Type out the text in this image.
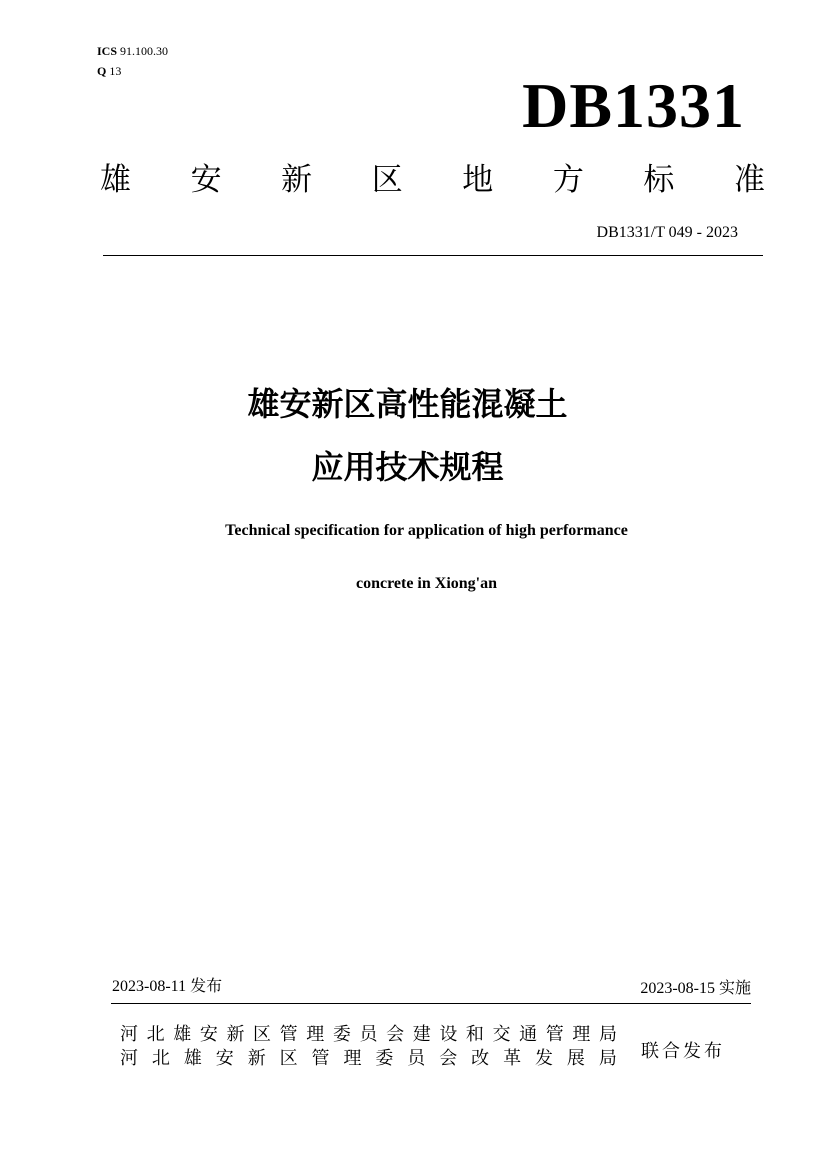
ICS 91.100.30
Q 13	DB1331
雄 安 新 区 地 方 标 准
DB1331/T 049 - 2023
雄安新区高性能混凝土
应用技术规程
Technical specification for application of high performance
concrete in Xiong'an
2023-08-11 发布	2023-08-15 实施
河 北 雄 安 新 区 管 理 委 员 会 建 设 和 交 通 管 理 局
河 北 雄 安 新 区 管 理 委 员 会 改 革 发 展 局 联合发布
